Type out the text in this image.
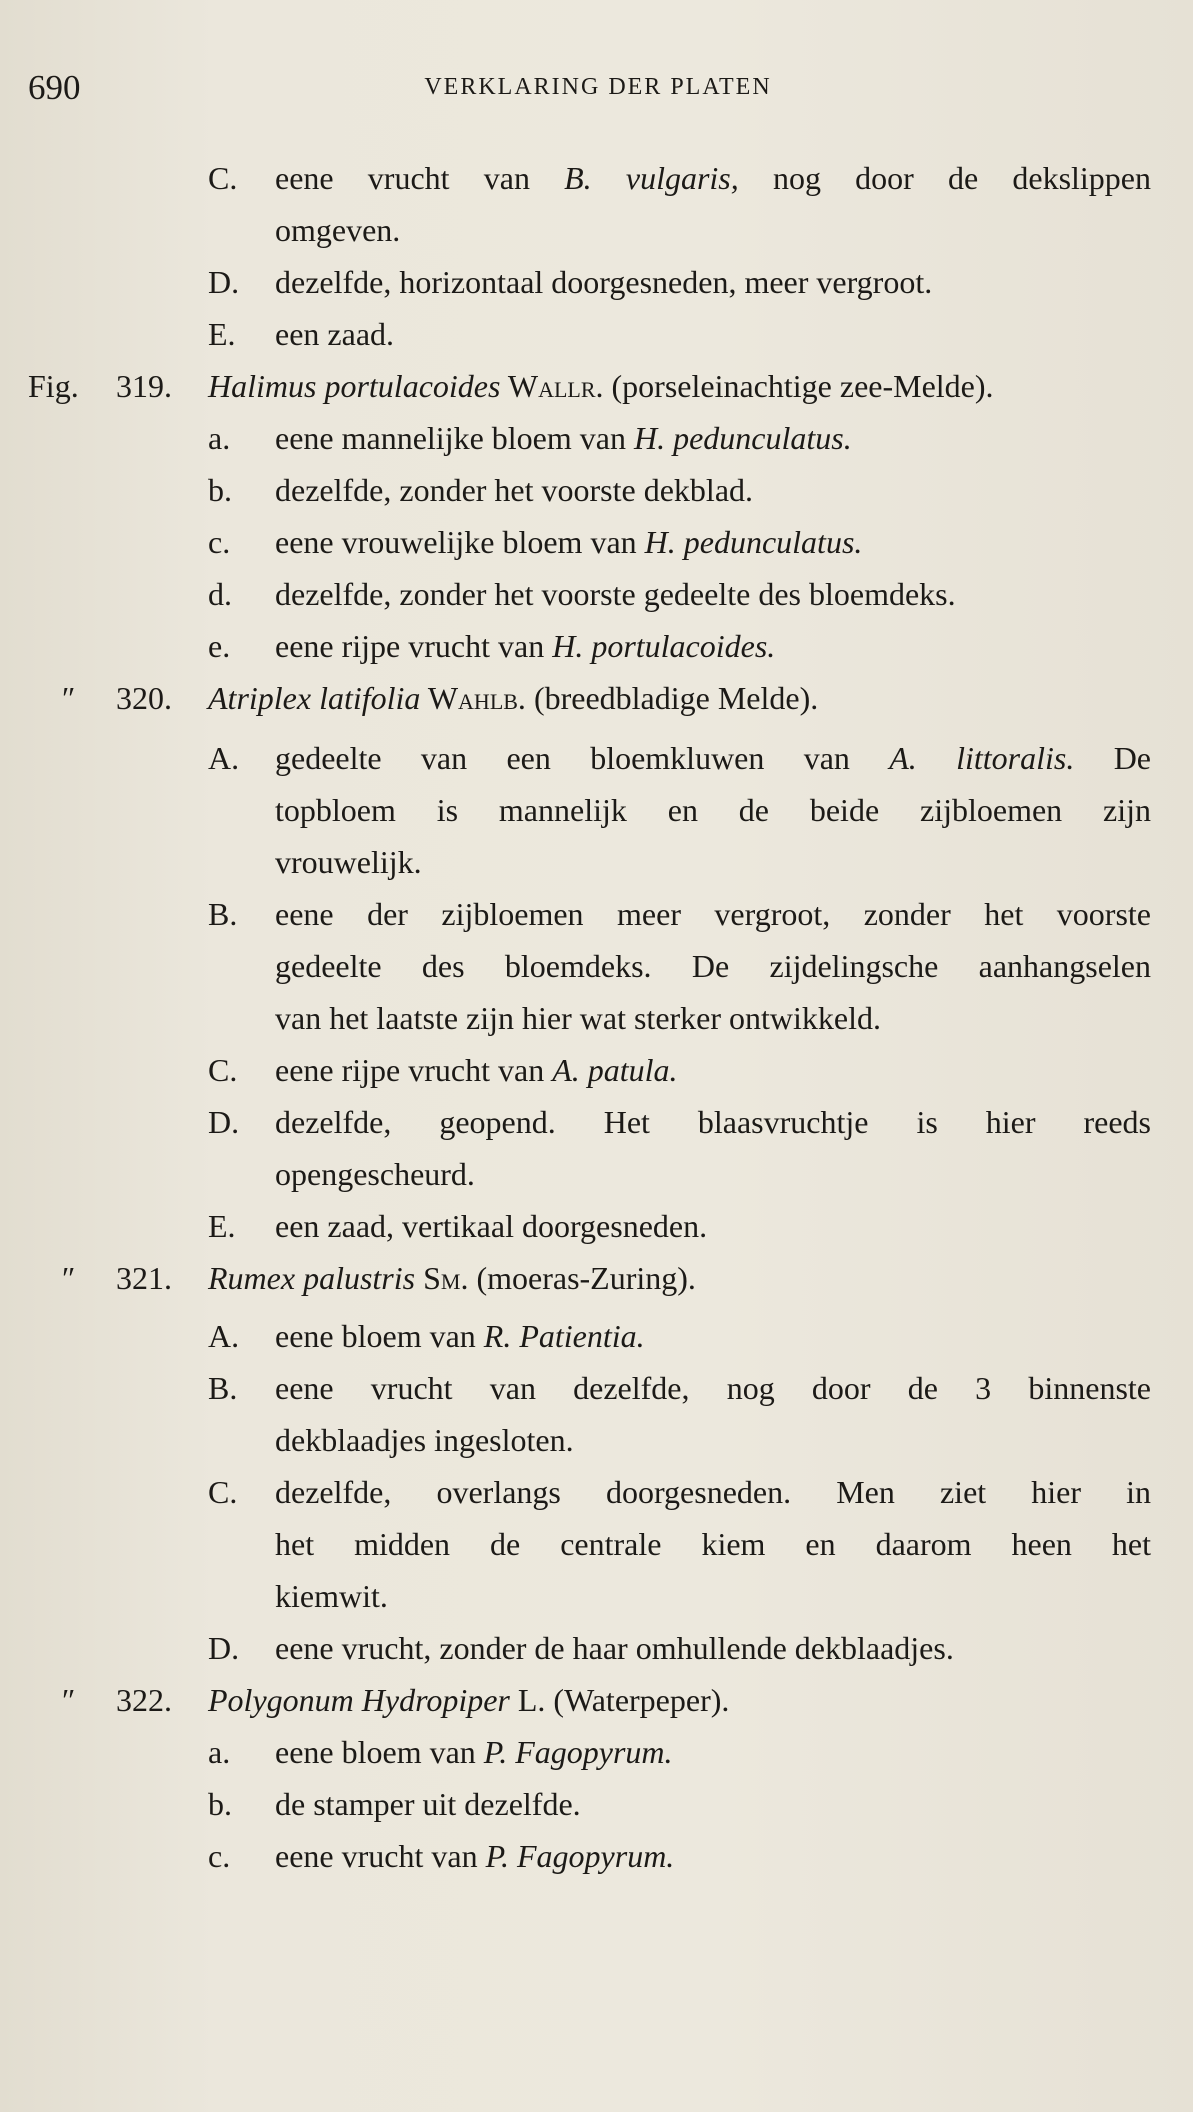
690	VERKLARING DER PLATEN
C. eene vrucht van B. vulgaris, nog door de dekslippen
omgeven.
D. dezelfde, horizontaal doorgesneden, meer vergroot.
E. een zaad.
Fig. 319. Halimus portulacoides Wallr. (porseleinachtige zee-Melde).
a. eene mannelijke bloem van H. pedunculatus.
b. dezelfde, zonder het voorste dekblad.
c. eene vrouwelijke bloem van H. pedunculatus.
d. dezelfde, zonder het voorste gedeelte des bloemdeks.
e. eene rijpe vrucht van H. portulacoides.
″ 320. Atriplex latifolia Wahlb. (breedbladige Melde).
A. gedeelte van een bloemkluwen van A. littoralis. De
topbloem is mannelijk en de beide zijbloemen zijn
vrouwelijk.
B. eene der zijbloemen meer vergroot, zonder het voorste
gedeelte des bloemdeks. De zijdelingsche aanhangselen
van het laatste zijn hier wat sterker ontwikkeld.
C. eene rijpe vrucht van A. patula.
D. dezelfde, geopend. Het blaasvruchtje is hier reeds
opengescheurd.
E. een zaad, vertikaal doorgesneden.
″ 321. Rumex palustris Sm. (moeras-Zuring).
A. eene bloem van R. Patientia.
B. eene vrucht van dezelfde, nog door de 3 binnenste
dekblaadjes ingesloten.
C. dezelfde, overlangs doorgesneden. Men ziet hier in
het midden de centrale kiem en daarom heen het
kiemwit.
D. eene vrucht, zonder de haar omhullende dekblaadjes.
″ 322. Polygonum Hydropiper L. (Waterpeper).
a. eene bloem van P. Fagopyrum.
b. de stamper uit dezelfde.
c. eene vrucht van P. Fagopyrum.
